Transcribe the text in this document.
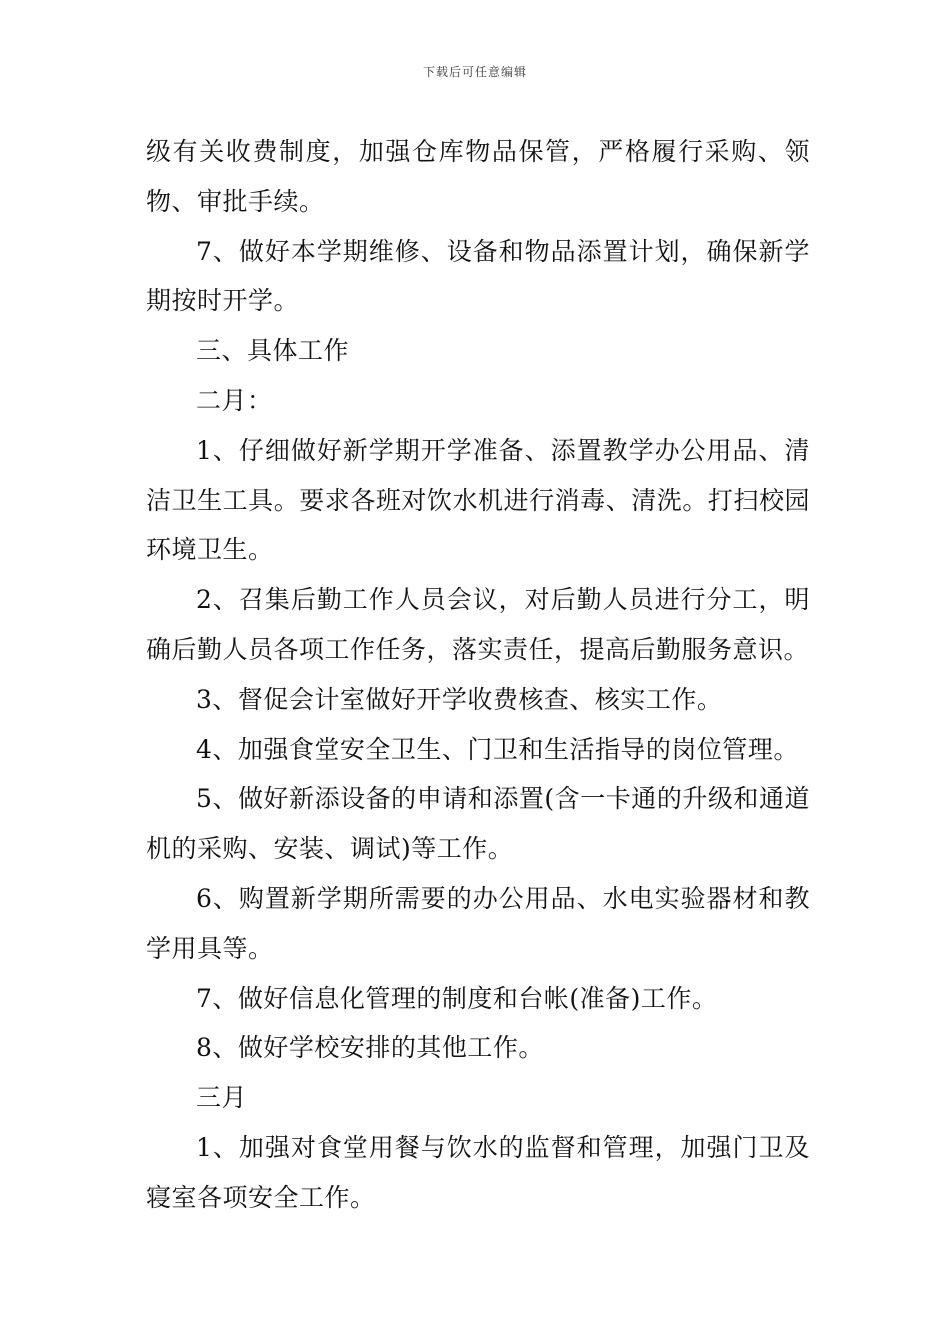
下载后可任意编辑

级有关收费制度，加强仓库物品保管，严格履行采购、领物、审批手续。

7、做好本学期维修、设备和物品添置计划，确保新学期按时开学。

三、具体工作

二月：

1、仔细做好新学期开学准备、添置教学办公用品、清洁卫生工具。要求各班对饮水机进行消毒、清洗。打扫校园环境卫生。

2、召集后勤工作人员会议，对后勤人员进行分工，明确后勤人员各项工作任务，落实责任，提高后勤服务意识。

3、督促会计室做好开学收费核查、核实工作。

4、加强食堂安全卫生、门卫和生活指导的岗位管理。

5、做好新添设备的申请和添置(含一卡通的升级和通道机的采购、安装、调试)等工作。

6、购置新学期所需要的办公用品、水电实验器材和教学用具等。

7、做好信息化管理的制度和台帐(准备)工作。

8、做好学校安排的其他工作。

三月

1、加强对食堂用餐与饮水的监督和管理，加强门卫及寝室各项安全工作。
